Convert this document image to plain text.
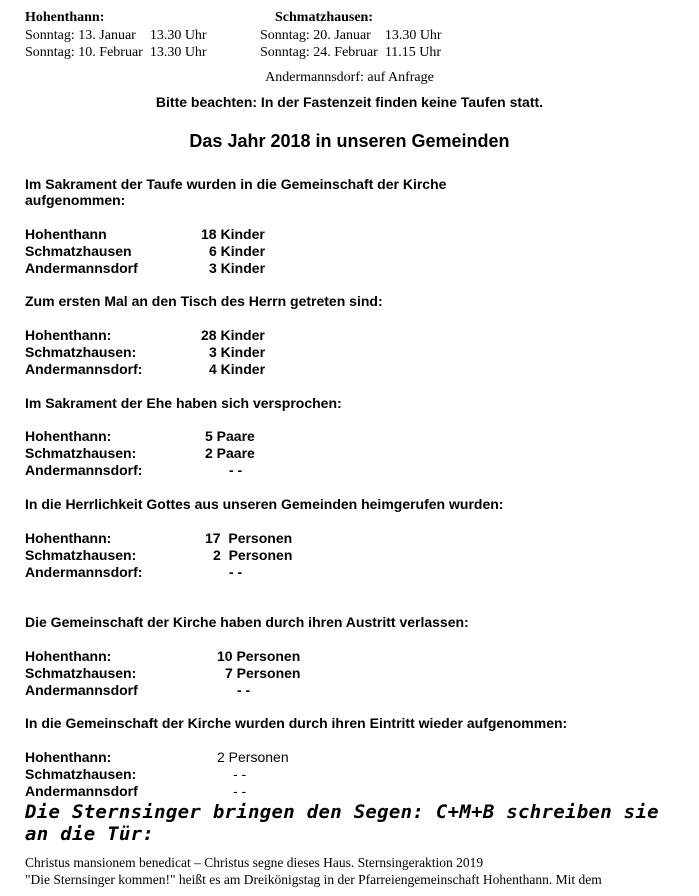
Hohenthann:
Sonntag: 13. Januar    13.30 Uhr
Sonntag: 10. Februar  13.30 Uhr
Schmatzhausen:
Sonntag: 20. Januar    13.30 Uhr
Sonntag: 24. Februar  11.15 Uhr
Andermannsdorf: auf Anfrage
Bitte beachten: In der Fastenzeit finden keine Taufen statt.
Das Jahr 2018 in unseren Gemeinden
Im Sakrament der Taufe wurden in die Gemeinschaft der Kirche aufgenommen:
Hohenthann	18 Kinder
Schmatzhausen	6 Kinder
Andermannsdorf	3 Kinder
Zum ersten Mal an den Tisch des Herrn getreten sind:
Hohenthann:	28 Kinder
Schmatzhausen:	3 Kinder
Andermannsdorf:	4 Kinder
Im Sakrament der Ehe haben sich versprochen:
Hohenthann:	5 Paare
Schmatzhausen:	2 Paare
Andermannsdorf:	- -
In die Herrlichkeit Gottes aus unseren Gemeinden heimgerufen wurden:
Hohenthann:	17  Personen
Schmatzhausen:	2  Personen
Andermannsdorf:	- -
Die Gemeinschaft der Kirche haben durch ihren Austritt verlassen:
Hohenthann:	10 Personen
Schmatzhausen:	7 Personen
Andermannsdorf	- -
In die Gemeinschaft der Kirche wurden durch ihren Eintritt wieder aufgenommen:
Hohenthann:	2 Personen
Schmatzhausen:	- -
Andermannsdorf	- -
Die Sternsinger bringen den Segen: C+M+B schreiben sie an die Tür:
Christus mansionem benedicat – Christus segne dieses Haus. Sternsingeraktion 2019
"Die Sternsinger kommen!" heißt es am Dreikönigstag in der Pfarreiengemeinschaft Hohenthann. Mit dem
